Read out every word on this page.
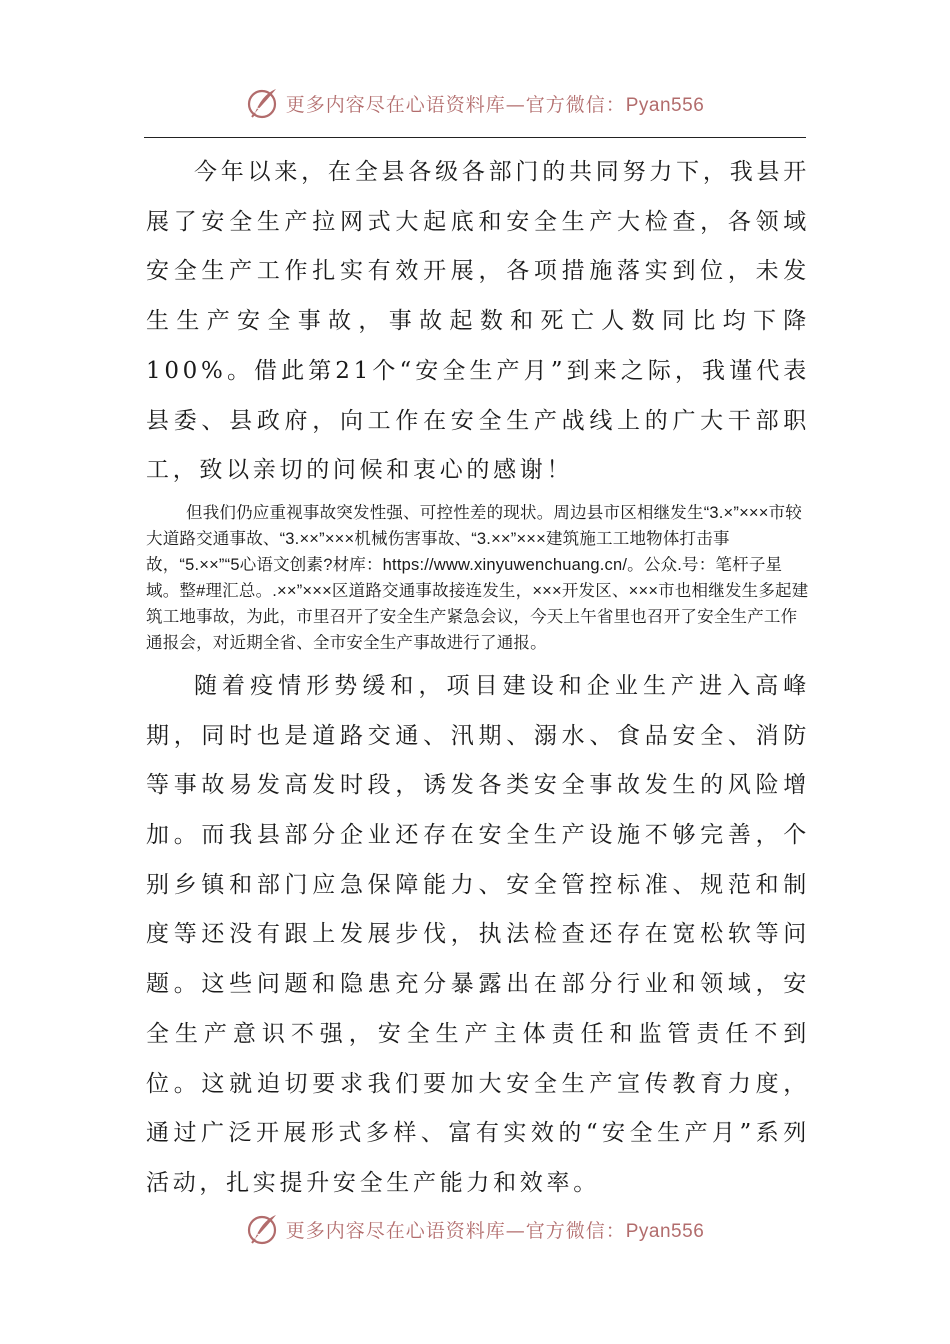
更多内容尽在心语资料库—官方微信：Pyan556

今年以来，在全县各级各部门的共同努力下，我县开展了安全生产拉网式大起底和安全生产大检查，各领域安全生产工作扎实有效开展，各项措施落实到位，未发生生产安全事故，事故起数和死亡人数同比均下降100%。借此第21个“安全生产月”到来之际，我谨代表县委、县政府，向工作在安全生产战线上的广大干部职工，致以亲切的问候和衷心的感谢！

但我们仍应重视事故突发性强、可控性差的现状。周边县市区相继发生“3.×”×××市较大道路交通事故、“3.××”×××机械伤害事故、“3.××”×××建筑施工工地物体打击事故，“5.××”“5心语文创素?材库：https://www.xinyuwenchuang.cn/。公众.号：笔杆子星域。整#理汇总。.××”×××区道路交通事故接连发生，×××开发区、×××市也相继发生多起建筑工地事故，为此，市里召开了安全生产紧急会议，今天上午省里也召开了安全生产工作通报会，对近期全省、全市安全生产事故进行了通报。

随着疫情形势缓和，项目建设和企业生产进入高峰期，同时也是道路交通、汛期、溺水、食品安全、消防等事故易发高发时段，诱发各类安全事故发生的风险增加。而我县部分企业还存在安全生产设施不够完善，个别乡镇和部门应急保障能力、安全管控标准、规范和制度等还没有跟上发展步伐，执法检查还存在宽松软等问题。这些问题和隐患充分暴露出在部分行业和领域，安全生产意识不强，安全生产主体责任和监管责任不到位。这就迫切要求我们要加大安全生产宣传教育力度，通过广泛开展形式多样、富有实效的“安全生产月”系列活动，扎实提升安全生产能力和效率。

更多内容尽在心语资料库—官方微信：Pyan556
